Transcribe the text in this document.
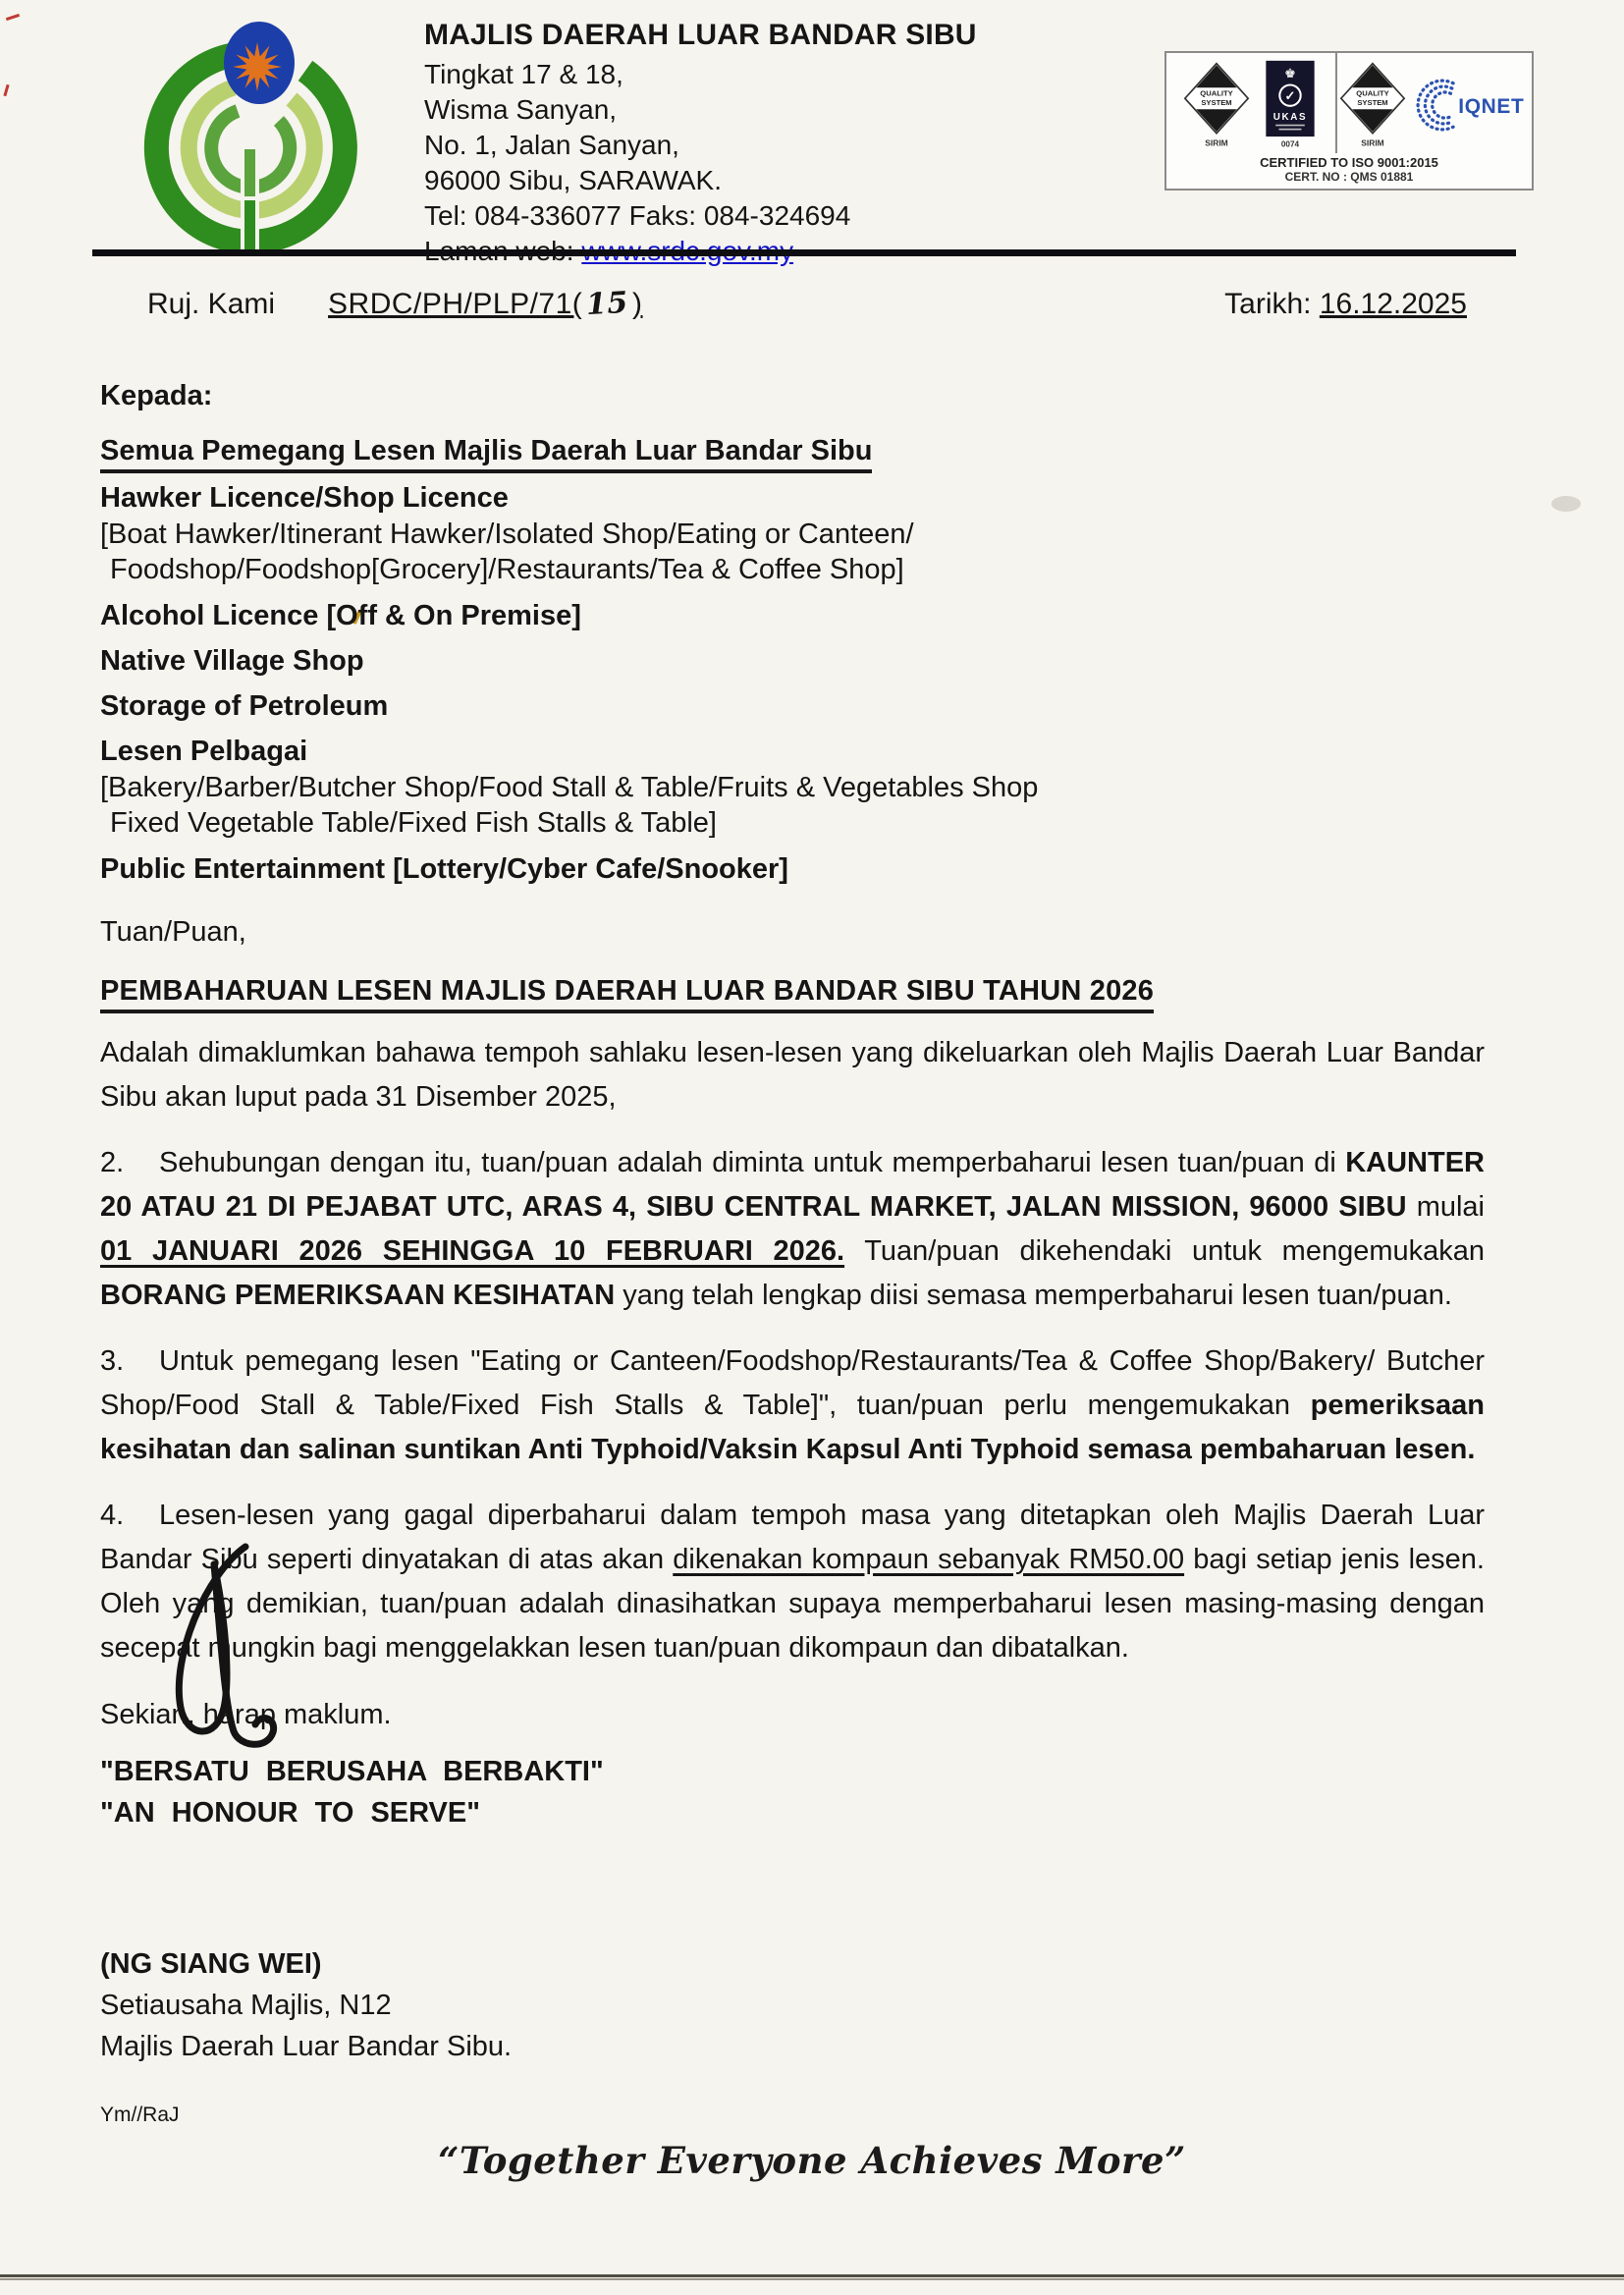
MAJLIS DAERAH LUAR BANDAR SIBU
Tingkat 17 & 18,
Wisma Sanyan,
No. 1, Jalan Sanyan,
96000 Sibu, SARAWAK.
Tel: 084-336077 Faks: 084-324694
QUALITY
SYSTEM
SIRIM
♚
✓
UKAS
0074
QUALITY
SYSTEM
SIRIM
IQNET
CERTIFIED TO ISO 9001:2015
CERT. NO : QMS 01881
Ruj. Kami SRDC/PH/PLP/71( 15 )	Tarikh: 16.12.2025
Kepada:
Semua Pemegang Lesen Majlis Daerah Luar Bandar Sibu
Hawker Licence/Shop Licence
[Boat Hawker/Itinerant Hawker/Isolated Shop/Eating or Canteen/
Foodshop/Foodshop[Grocery]/Restaurants/Tea & Coffee Shop]
Alcohol Licence [Off & On Premise]
Native Village Shop
Storage of Petroleum
Lesen Pelbagai
[Bakery/Barber/Butcher Shop/Food Stall & Table/Fruits & Vegetables Shop
Fixed Vegetable Table/Fixed Fish Stalls & Table]
Public Entertainment [Lottery/Cyber Cafe/Snooker]
Tuan/Puan,
PEMBAHARUAN LESEN MAJLIS DAERAH LUAR BANDAR SIBU TAHUN 2026
Adalah dimaklumkan bahawa tempoh sahlaku lesen-lesen yang dikeluarkan oleh Majlis Daerah Luar Bandar Sibu akan luput pada 31 Disember 2025,
2. Sehubungan dengan itu, tuan/puan adalah diminta untuk memperbaharui lesen tuan/puan di KAUNTER 20 ATAU 21 DI PEJABAT UTC, ARAS 4, SIBU CENTRAL MARKET, JALAN MISSION, 96000 SIBU mulai 01 JANUARI 2026 SEHINGGA 10 FEBRUARI 2026. Tuan/puan dikehendaki untuk mengemukakan BORANG PEMERIKSAAN KESIHATAN yang telah lengkap diisi semasa memperbaharui lesen tuan/puan.
3. Untuk pemegang lesen "Eating or Canteen/Foodshop/Restaurants/Tea & Coffee Shop/Bakery/ Butcher Shop/Food Stall & Table/Fixed Fish Stalls & Table]", tuan/puan perlu mengemukakan pemeriksaan kesihatan dan salinan suntikan Anti Typhoid/Vaksin Kapsul Anti Typhoid semasa pembaharuan lesen.
4. Lesen-lesen yang gagal diperbaharui dalam tempoh masa yang ditetapkan oleh Majlis Daerah Luar Bandar Sibu seperti dinyatakan di atas akan dikenakan kompaun sebanyak RM50.00 bagi setiap jenis lesen. Oleh yang demikian, tuan/puan adalah dinasihatkan supaya memperbaharui lesen masing-masing dengan secepat mungkin bagi menggelakkan lesen tuan/puan dikompaun dan dibatalkan.
Sekian, harap maklum.
"BERSATU BERUSAHA BERBAKTI"
"AN HONOUR TO SERVE"
(NG SIANG WEI)
Setiausaha Majlis, N12
Majlis Daerah Luar Bandar Sibu.
Ym//RaJ
“Together Everyone Achieves More”
